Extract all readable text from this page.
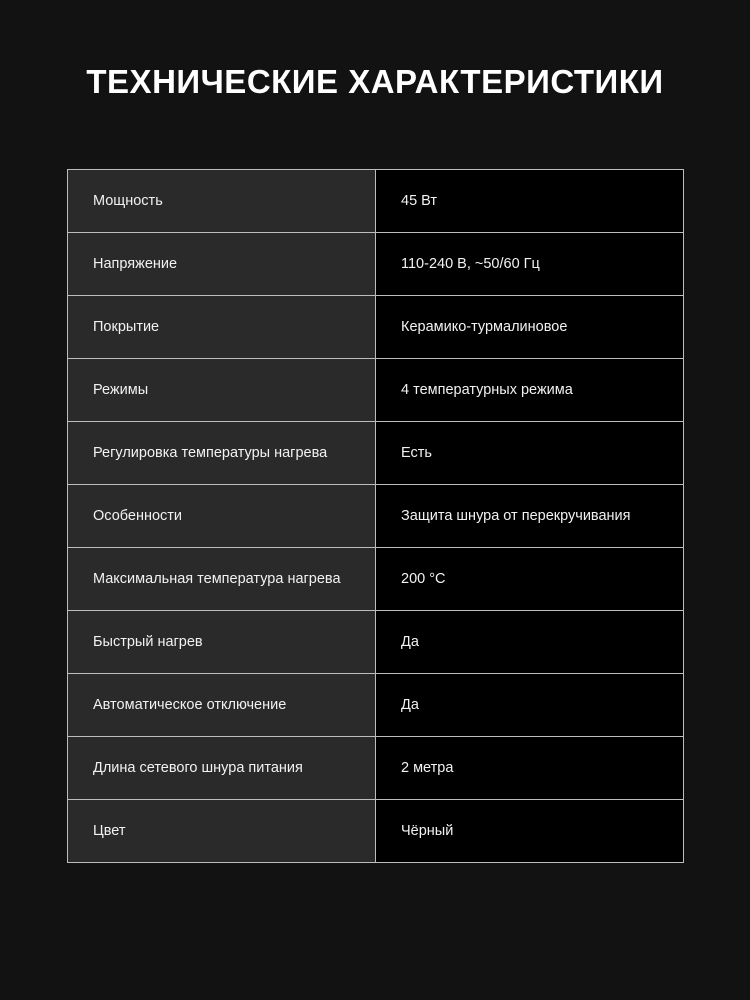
ТЕХНИЧЕСКИЕ ХАРАКТЕРИСТИКИ
Мощность	45 Вт
Напряжение	110-240 В, ~50/60 Гц
Покрытие	Керамико-турмалиновое
Режимы	4 температурных режима
Регулировка температуры нагрева	Есть
Особенности	Защита шнура от перекручивания
Максимальная температура нагрева	200 °C
Быстрый нагрев	Да
Автоматическое отключение	Да
Длина сетевого шнура питания	2 метра
Цвет	Чёрный
